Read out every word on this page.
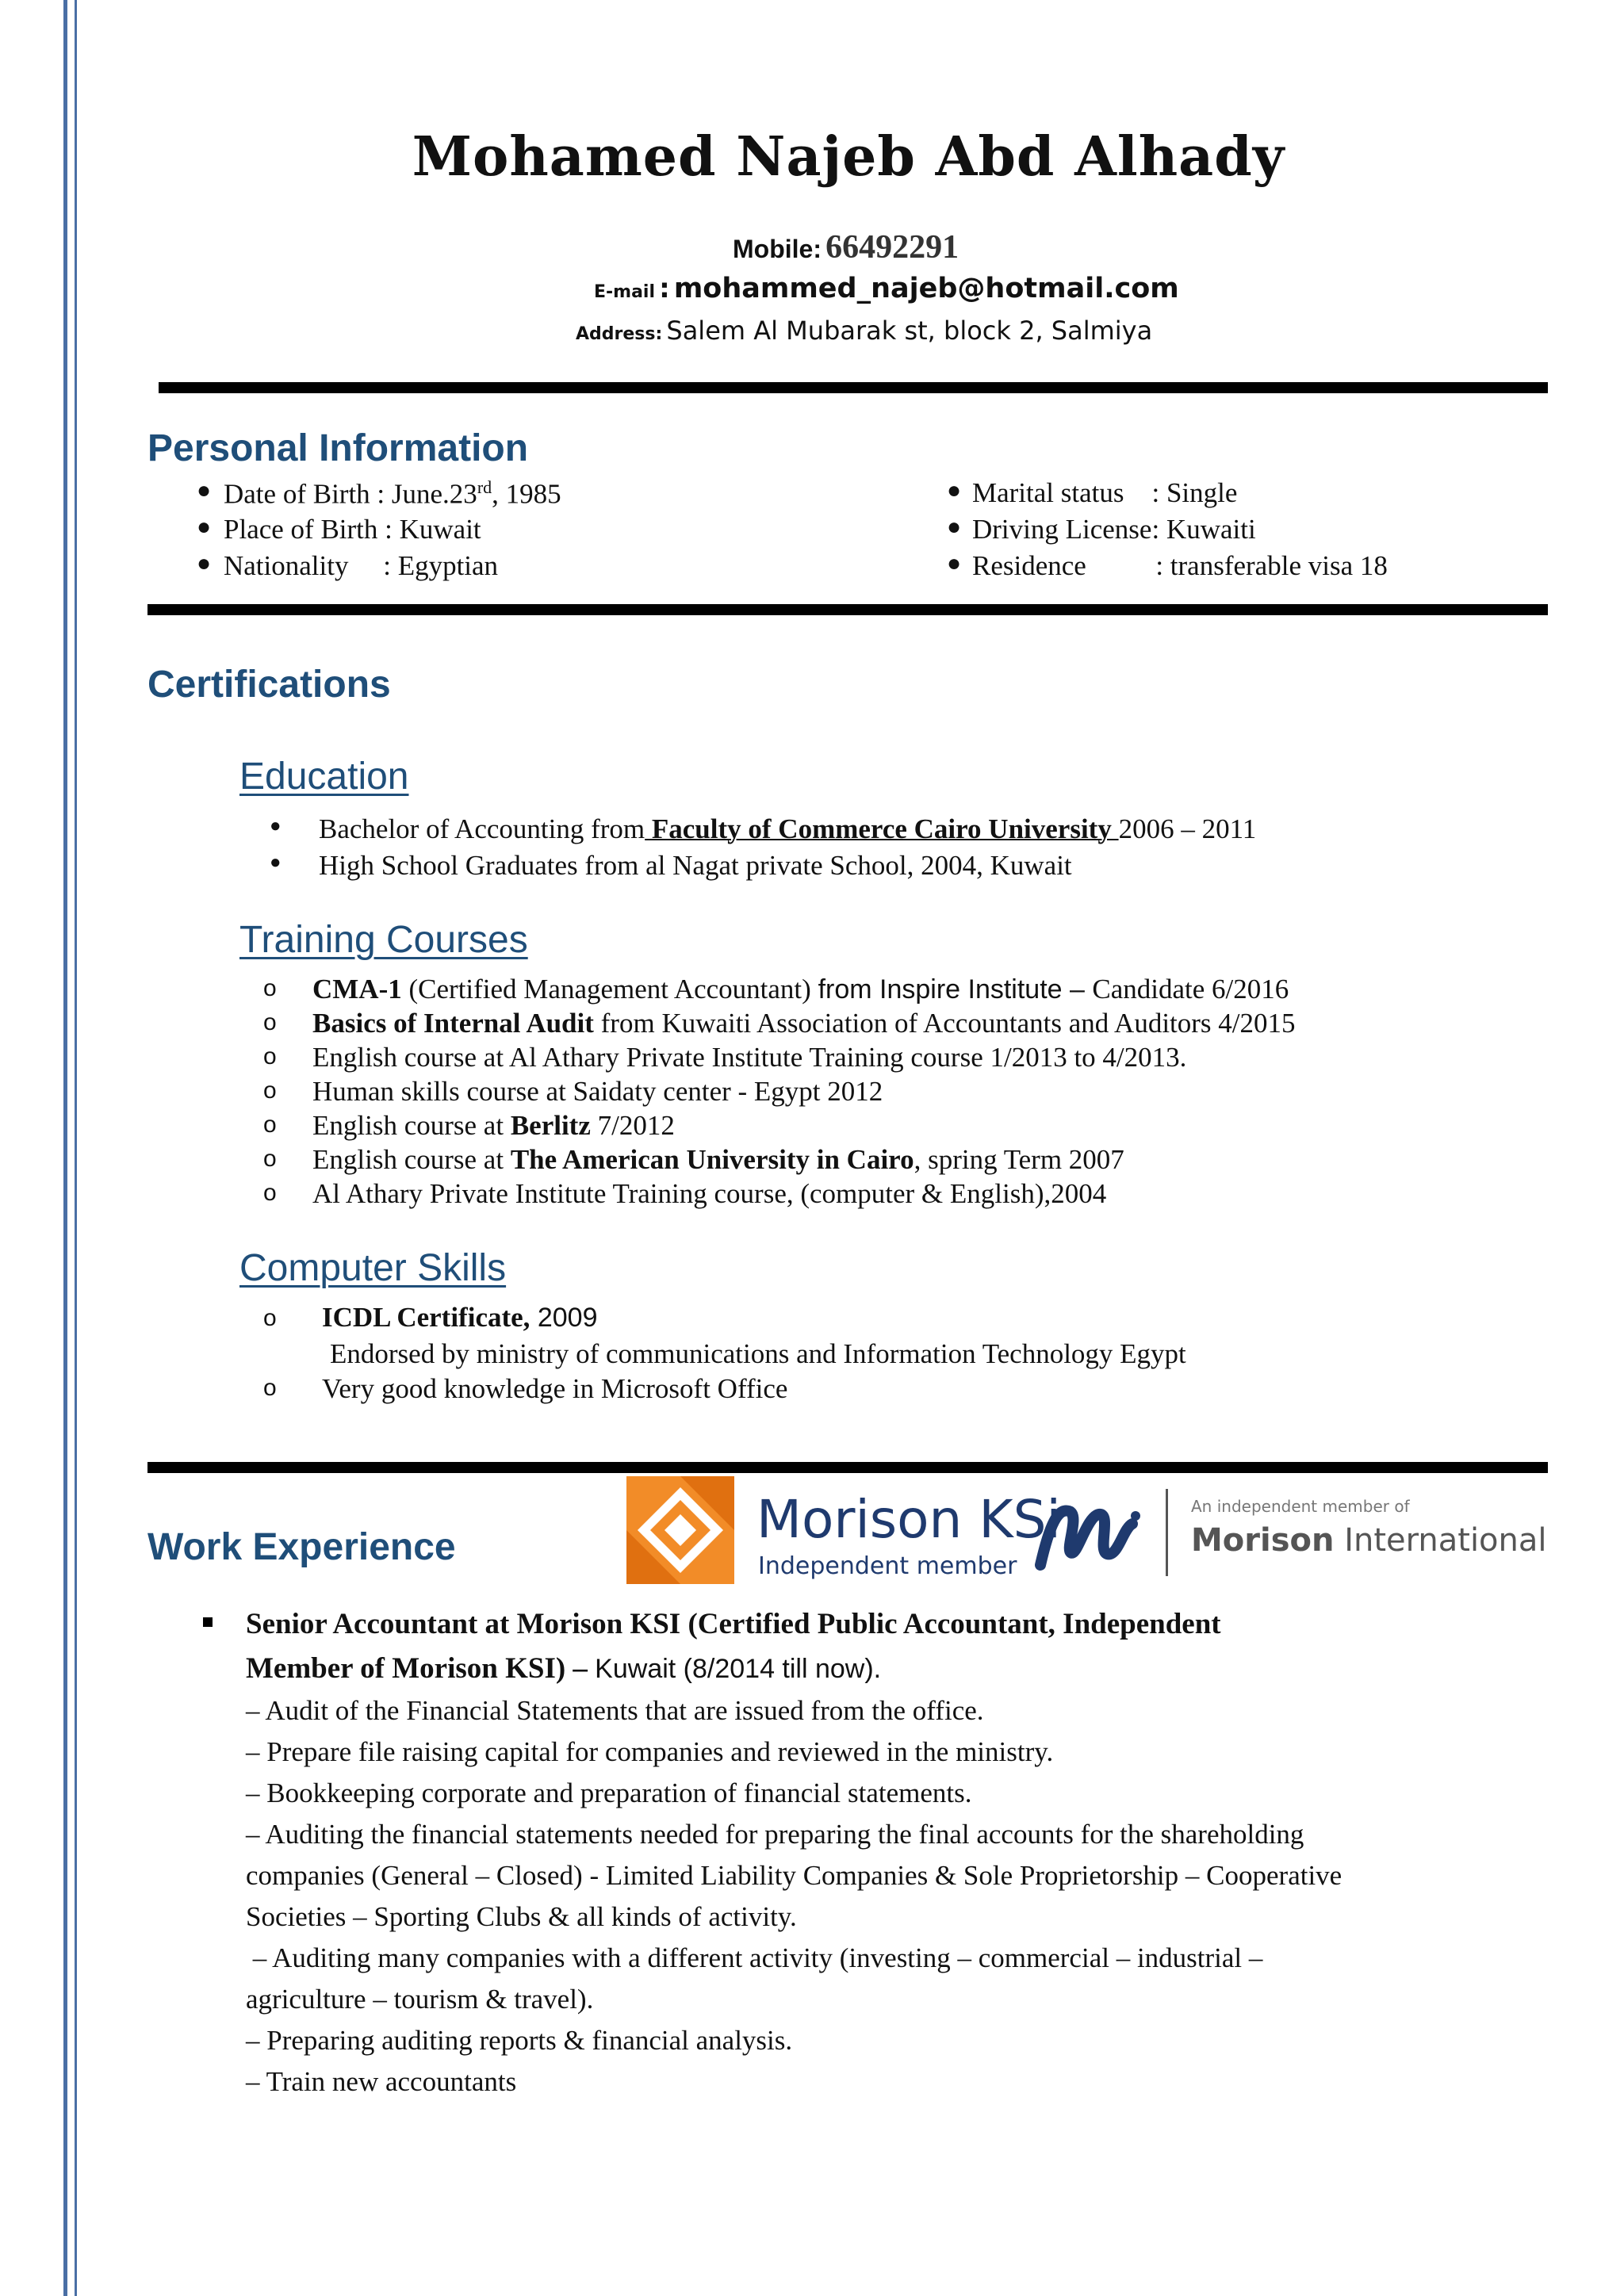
Mohamed Najeb Abd Alhady
Mobile: 66492291
E-mail : mohammed_najeb@hotmail.com
Address: Salem Al Mubarak st, block 2, Salmiya
Personal Information
● Date of Birth : June.23rd, 1985
● Place of Birth : Kuwait
● Nationality     : Egyptian
● Marital status    : Single
● Driving License: Kuwaiti
● Residence          : transferable visa 18
Certifications
Education
● Bachelor of Accounting from Faculty of Commerce Cairo University 2006 – 2011
● High School Graduates from al Nagat private School, 2004, Kuwait
Training Courses
o CMA-1 (Certified Management Accountant) from Inspire Institute – Candidate 6/2016
o Basics of Internal Audit from Kuwaiti Association of Accountants and Auditors 4/2015
o English course at Al Athary Private Institute Training course 1/2013 to 4/2013.
o Human skills course at Saidaty center - Egypt 2012
o English course at Berlitz 7/2012
o English course at The American University in Cairo, spring Term 2007
o Al Athary Private Institute Training course, (computer & English),2004
Computer Skills
o ICDL Certificate, 2009
Endorsed by ministry of communications and Information Technology Egypt
o Very good knowledge in Microsoft Office
Work Experience	Morison KSi
Independent member
An independent member of
Morison International
Senior Accountant at Morison KSI (Certified Public Accountant, Independent
Member of Morison KSI) – Kuwait (8/2014 till now).
– Audit of the Financial Statements that are issued from the office.
– Prepare file raising capital for companies and reviewed in the ministry.
– Bookkeeping corporate and preparation of financial statements.
– Auditing the financial statements needed for preparing the final accounts for the shareholding
companies (General – Closed) - Limited Liability Companies & Sole Proprietorship – Cooperative
Societies – Sporting Clubs & all kinds of activity.
– Auditing many companies with a different activity (investing – commercial – industrial –
agriculture – tourism & travel).
– Preparing auditing reports & financial analysis.
– Train new accountants
